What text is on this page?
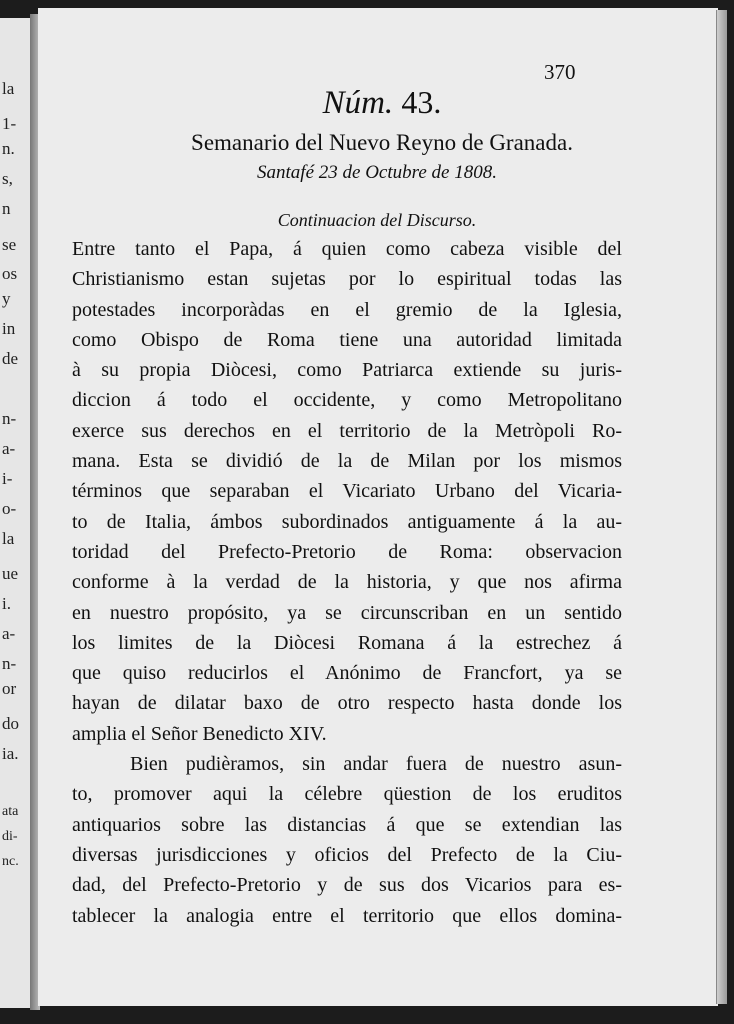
la
1-
n.
s,
n
se
os
y
in
de
n-
a-
i-
o-
la
ue
i.
a-
n-
or
do
ia.
ata
di-
nc.
370
Núm. 43.
Semanario del Nuevo Reyno de Granada.
Santafé 23 de Octubre de 1808.
Continuacion del Discurso.
Entre tanto el Papa, á quien como cabeza visible del
Christianismo estan sujetas por lo espiritual todas las
potestades incorporàdas en el gremio de la Iglesia,
como Obispo de Roma tiene una autoridad limitada
à su propia Diòcesi, como Patriarca extiende su juris-
diccion á todo el occidente, y como Metropolitano
exerce sus derechos en el territorio de la Metròpoli Ro-
mana. Esta se dividió de la de Milan por los mismos
términos que separaban el Vicariato Urbano del Vicaria-
to de Italia, ámbos subordinados antiguamente á la au-
toridad del Prefecto-Pretorio de Roma: observacion
conforme à la verdad de la historia, y que nos afirma
en nuestro propósito, ya se circunscriban en un sentido
los limites de la Diòcesi Romana á la estrechez á
que quiso reducirlos el Anónimo de Francfort, ya se
hayan de dilatar baxo de otro respecto hasta donde los
amplia el Señor Benedicto XIV.
Bien pudièramos, sin andar fuera de nuestro asun-
to, promover aqui la célebre qüestion de los eruditos
antiquarios sobre las distancias á que se extendian las
diversas jurisdicciones y oficios del Prefecto de la Ciu-
dad, del Prefecto-Pretorio y de sus dos Vicarios para es-
tablecer la analogia entre el territorio que ellos domina-
